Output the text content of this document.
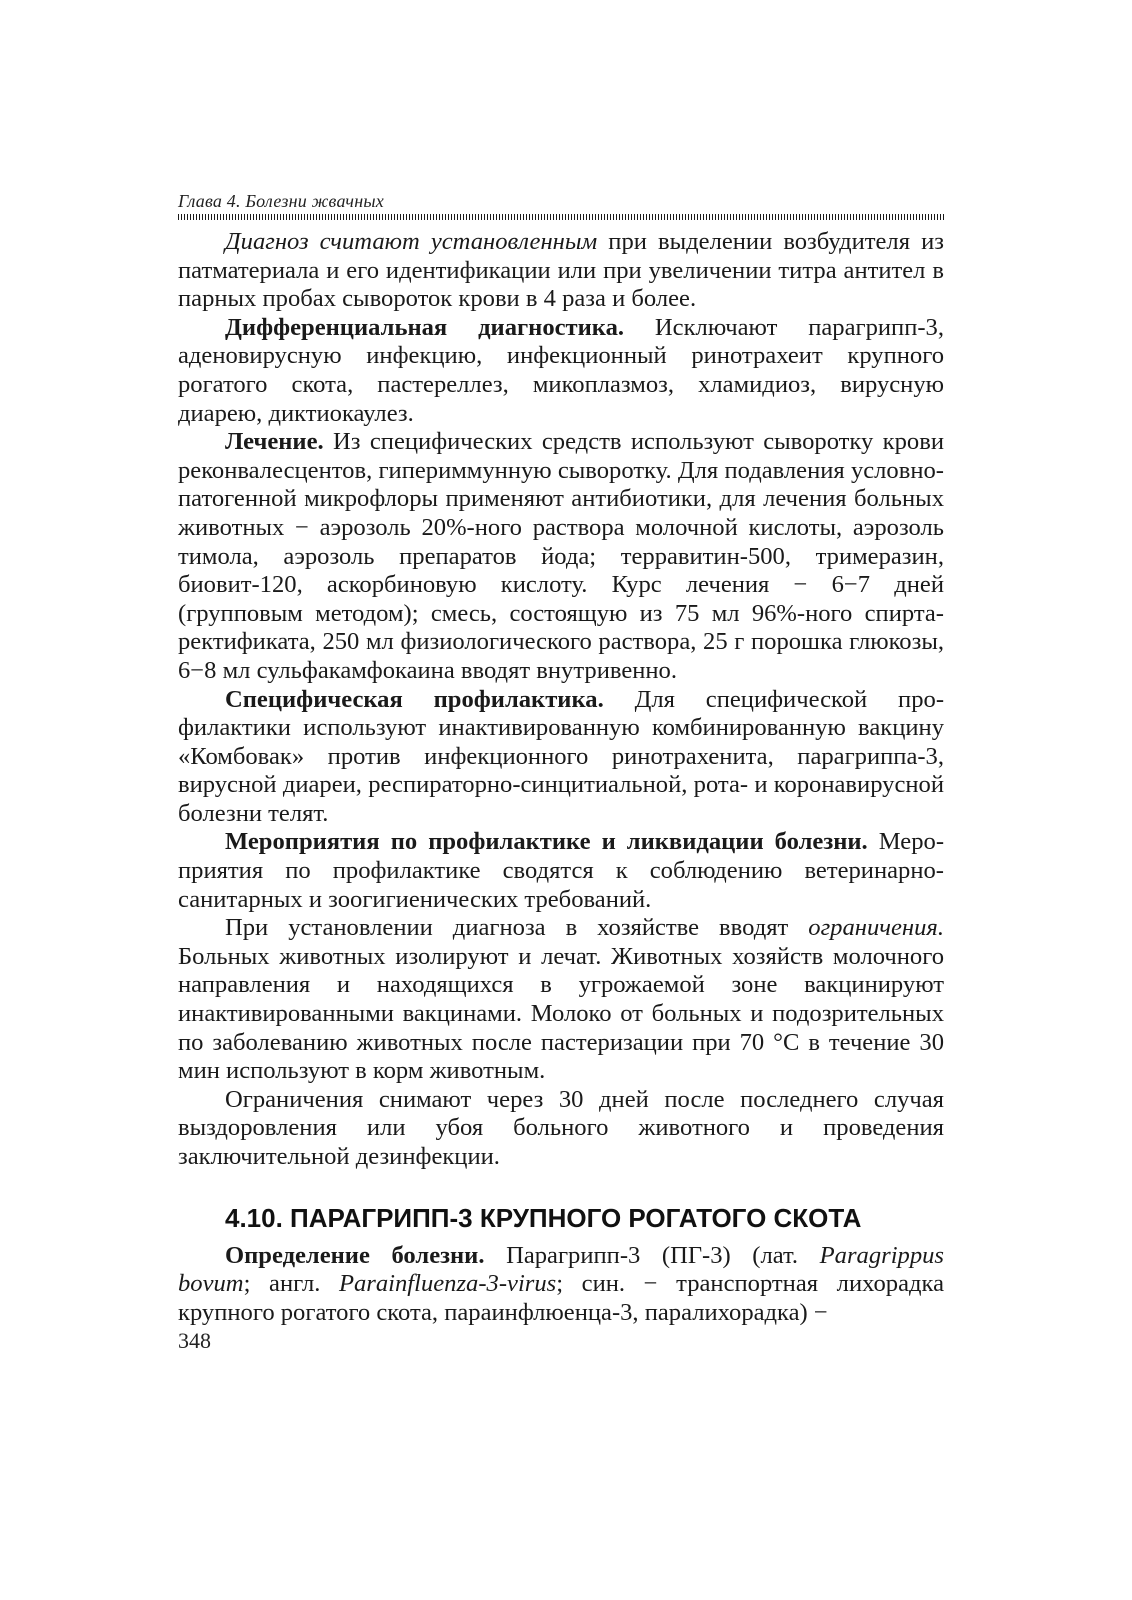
Глава 4. Болезни жвачных

Диагноз считают установленным при выделении возбудителя из патматериала и его идентификации или при увеличении титра антител в парных пробах сывороток крови в 4 раза и более.

Дифференциальная диагностика. Исключают парагрипп-3, аденовирусную инфекцию, инфекционный ринотрахеит крупного рогатого скота, пастереллез, микоплазмоз, хламидиоз, вирусную диарею, диктиокаулез.

Лечение. Из специфических средств используют сыворотку крови реконвалесцентов, гипериммунную сыворотку. Для подавления условно-патогенной микрофлоры применяют антибиотики, для лечения больных животных − аэрозоль 20%-ного раствора молочной кислоты, аэрозоль тимола, аэрозоль препаратов йода; терравитин-500, тримеразин, биовит-120, аскорбиновую кислоту. Курс лечения − 6−7 дней (групповым методом); смесь, состоящую из 75 мл 96%-ного спирта-ректификата, 250 мл физиологического раствора, 25 г порошка глюкозы, 6−8 мл сульфакамфокаина вводят внутривенно.

Специфическая профилактика. Для специфической профилактики используют инактивированную комбинированную вакцину «Комбовак» против инфекционного ринотрахенита, парагриппа-3, вирусной диареи, респираторно-синцитиальной, рота- и коронавирусной болезни телят.

Мероприятия по профилактике и ликвидации болезни. Мероприятия по профилактике сводятся к соблюдению ветеринарно-санитарных и зоогигиенических требований.

При установлении диагноза в хозяйстве вводят ограничения. Больных животных изолируют и лечат. Животных хозяйств молочного направления и находящихся в угрожаемой зоне вакцинируют инактивированными вакцинами. Молоко от больных и подозрительных по заболеванию животных после пастеризации при 70 °С в течение 30 мин используют в корм животным.

Ограничения снимают через 30 дней после последнего случая выздоровления или убоя больного животного и проведения заключительной дезинфекции.

4.10. ПАРАГРИПП-3 КРУПНОГО РОГАТОГО СКОТА

Определение болезни. Парагрипп-3 (ПГ-3) (лат. Paragrippus bovum; англ. Parainfluenza-3-virus; син. − транспортная лихорадка крупного рогатого скота, параинфлюенца-3, паралихорадка) −

348
